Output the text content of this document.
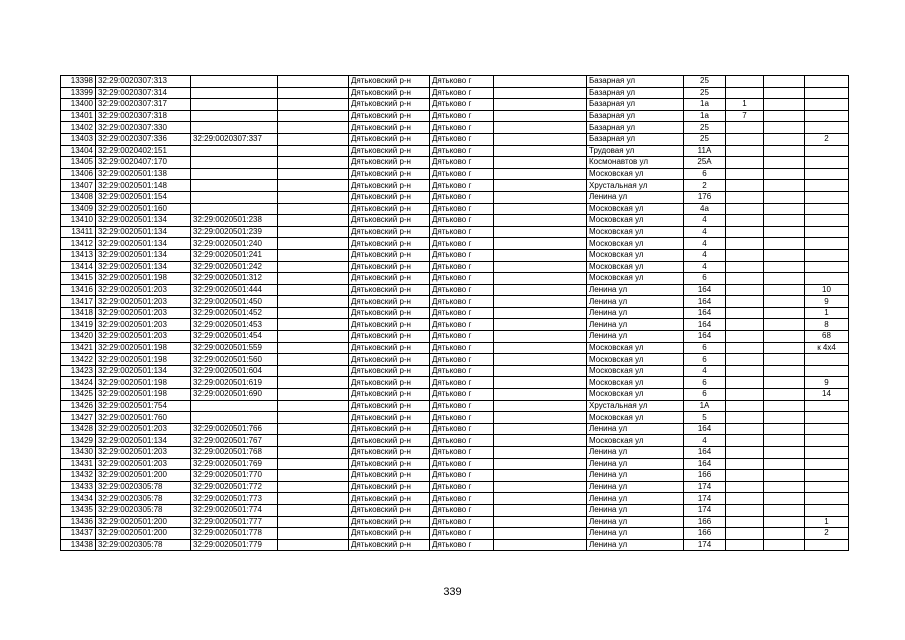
13398	32:29:0020307:313			Дятьковский р-н	Дятьково г		Базарная ул	25			
13399	32:29:0020307:314			Дятьковский р-н	Дятьково г		Базарная ул	25			
13400	32:29:0020307:317			Дятьковский р-н	Дятьково г		Базарная ул	1а	1		
13401	32:29:0020307:318			Дятьковский р-н	Дятьково г		Базарная ул	1а	7		
13402	32:29:0020307:330			Дятьковский р-н	Дятьково г		Базарная ул	25			
13403	32:29:0020307:336	32:29:0020307:337		Дятьковский р-н	Дятьково г		Базарная ул	25			2
13404	32:29:0020402:151			Дятьковский р-н	Дятьково г		Трудовая ул	11А			
13405	32:29:0020407:170			Дятьковский р-н	Дятьково г		Космонавтов ул	25А			
13406	32:29:0020501:138			Дятьковский р-н	Дятьково г		Московская ул	6			
13407	32:29:0020501:148			Дятьковский р-н	Дятьково г		Хрустальная ул	2			
13408	32:29:0020501:154			Дятьковский р-н	Дятьково г		Ленина ул	176			
13409	32:29:0020501:160			Дятьковский р-н	Дятьково г		Московская ул	4а			
13410	32:29:0020501:134	32:29:0020501:238		Дятьковский р-н	Дятьково г		Московская ул	4			
13411	32:29:0020501:134	32:29:0020501:239		Дятьковский р-н	Дятьково г		Московская ул	4			
13412	32:29:0020501:134	32:29:0020501:240		Дятьковский р-н	Дятьково г		Московская ул	4			
13413	32:29:0020501:134	32:29:0020501:241		Дятьковский р-н	Дятьково г		Московская ул	4			
13414	32:29:0020501:134	32:29:0020501:242		Дятьковский р-н	Дятьково г		Московская ул	4			
13415	32:29:0020501:198	32:29:0020501:312		Дятьковский р-н	Дятьково г		Московская ул	6			
13416	32:29:0020501:203	32:29:0020501:444		Дятьковский р-н	Дятьково г		Ленина ул	164			10
13417	32:29:0020501:203	32:29:0020501:450		Дятьковский р-н	Дятьково г		Ленина ул	164			9
13418	32:29:0020501:203	32:29:0020501:452		Дятьковский р-н	Дятьково г		Ленина ул	164			1
13419	32:29:0020501:203	32:29:0020501:453		Дятьковский р-н	Дятьково г		Ленина ул	164			8
13420	32:29:0020501:203	32:29:0020501:454		Дятьковский р-н	Дятьково г		Ленина ул	164			68
13421	32:29:0020501:198	32:29:0020501:559		Дятьковский р-н	Дятьково г		Московская ул	6			к 4х4
13422	32:29:0020501:198	32:29:0020501:560		Дятьковский р-н	Дятьково г		Московская ул	6			
13423	32:29:0020501:134	32:29:0020501:604		Дятьковский р-н	Дятьково г		Московская ул	4			
13424	32:29:0020501:198	32:29:0020501:619		Дятьковский р-н	Дятьково г		Московская ул	6			9
13425	32:29:0020501:198	32:29:0020501:690		Дятьковский р-н	Дятьково г		Московская ул	6			14
13426	32:29:0020501:754			Дятьковский р-н	Дятьково г		Хрустальная ул	1А			
13427	32:29:0020501:760			Дятьковский р-н	Дятьково г		Московская ул	5			
13428	32:29:0020501:203	32:29:0020501:766		Дятьковский р-н	Дятьково г		Ленина ул	164			
13429	32:29:0020501:134	32:29:0020501:767		Дятьковский р-н	Дятьково г		Московская ул	4			
13430	32:29:0020501:203	32:29:0020501:768		Дятьковский р-н	Дятьково г		Ленина ул	164			
13431	32:29:0020501:203	32:29:0020501:769		Дятьковский р-н	Дятьково г		Ленина ул	164			
13432	32:29:0020501:200	32:29:0020501:770		Дятьковский р-н	Дятьково г		Ленина ул	166			
13433	32:29:0020305:78	32:29:0020501:772		Дятьковский р-н	Дятьково г		Ленина ул	174			
13434	32:29:0020305:78	32:29:0020501:773		Дятьковский р-н	Дятьково г		Ленина ул	174			
13435	32:29:0020305:78	32:29:0020501:774		Дятьковский р-н	Дятьково г		Ленина ул	174			
13436	32:29:0020501:200	32:29:0020501:777		Дятьковский р-н	Дятьково г		Ленина ул	166			1
13437	32:29:0020501:200	32:29:0020501:778		Дятьковский р-н	Дятьково г		Ленина ул	166			2
13438	32:29:0020305:78	32:29:0020501:779		Дятьковский р-н	Дятьково г		Ленина ул	174			
339
